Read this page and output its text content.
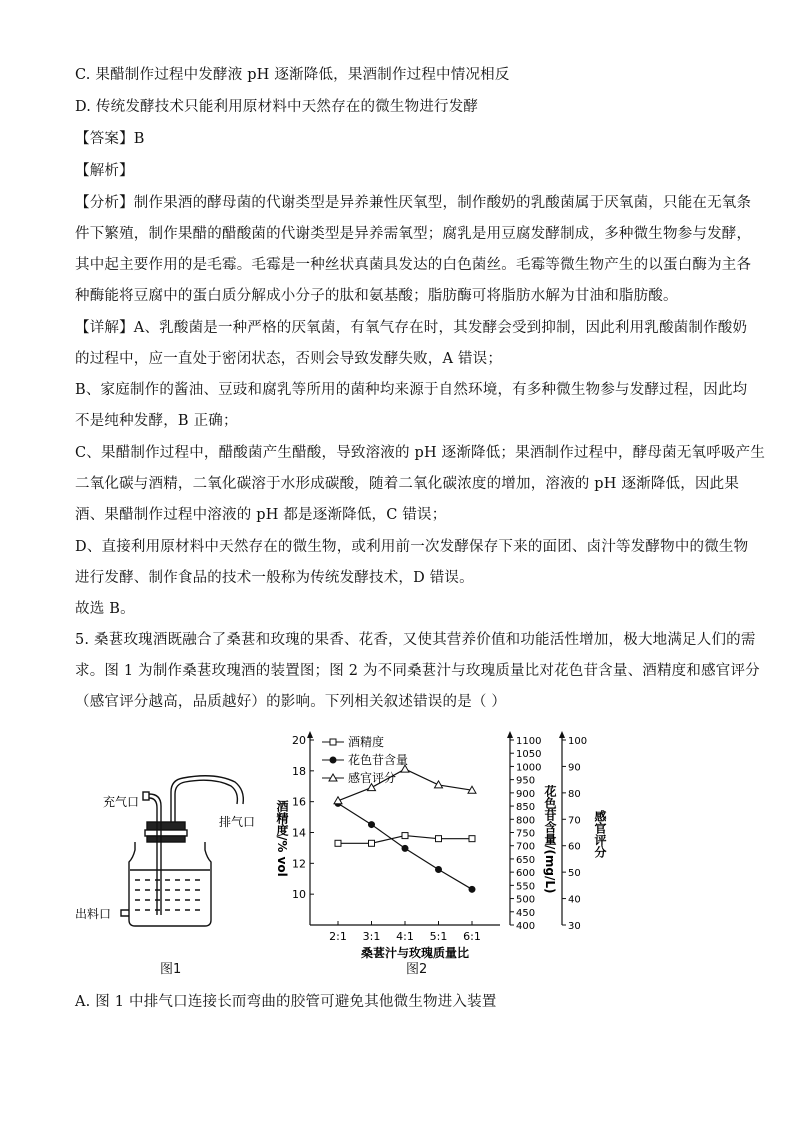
C. 果醋制作过程中发酵液 pH 逐渐降低，果酒制作过程中情况相反
D. 传统发酵技术只能利用原材料中天然存在的微生物进行发酵
【答案】B
【解析】
【分析】制作果酒的酵母菌的代谢类型是异养兼性厌氧型，制作酸奶的乳酸菌属于厌氧菌，只能在无氧条
件下繁殖，制作果醋的醋酸菌的代谢类型是异养需氧型；腐乳是用豆腐发酵制成，多种微生物参与发酵，
其中起主要作用的是毛霉。毛霉是一种丝状真菌具发达的白色菌丝。毛霉等微生物产生的以蛋白酶为主各
种酶能将豆腐中的蛋白质分解成小分子的肽和氨基酸；脂肪酶可将脂肪水解为甘油和脂肪酸。
【详解】A、乳酸菌是一种严格的厌氧菌，有氧气存在时，其发酵会受到抑制，因此利用乳酸菌制作酸奶
的过程中，应一直处于密闭状态，否则会导致发酵失败，A 错误；
B、家庭制作的酱油、豆豉和腐乳等所用的菌种均来源于自然环境，有多种微生物参与发酵过程，因此均
不是纯种发酵，B 正确；
C、果醋制作过程中，醋酸菌产生醋酸，导致溶液的 pH 逐渐降低；果酒制作过程中，酵母菌无氧呼吸产生
二氧化碳与酒精，二氧化碳溶于水形成碳酸，随着二氧化碳浓度的增加，溶液的 pH 逐渐降低，因此果
酒、果醋制作过程中溶液的 pH 都是逐渐降低，C 错误；
D、直接利用原材料中天然存在的微生物，或利用前一次发酵保存下来的面团、卤汁等发酵物中的微生物
进行发酵、制作食品的技术一般称为传统发酵技术，D 错误。
故选 B。
5. 桑葚玫瑰酒既融合了桑葚和玫瑰的果香、花香，又使其营养价值和功能活性增加，极大地满足人们的需
求。图 1 为制作桑葚玫瑰酒的装置图；图 2 为不同桑葚汁与玫瑰质量比对花色苷含量、酒精度和感官评分
（感官评分越高，品质越好）的影响。下列相关叙述错误的是（ ）
充气口
排气口
出料口
图1
10
12
14
16
18
20
400
450
500
550
600
650
700
750
800
850
900
950
1000
1050
1100
30
40
50
60
70
80
90
100
2:1 3:1 4:1 5:1 6:1
桑葚汁与玫瑰质量比
酒精度/% vol	花色苷含量/(mg/L)	感官评分
酒精度
花色苷含量
感官评分
图2
A. 图 1 中排气口连接长而弯曲的胶管可避免其他微生物进入装置
